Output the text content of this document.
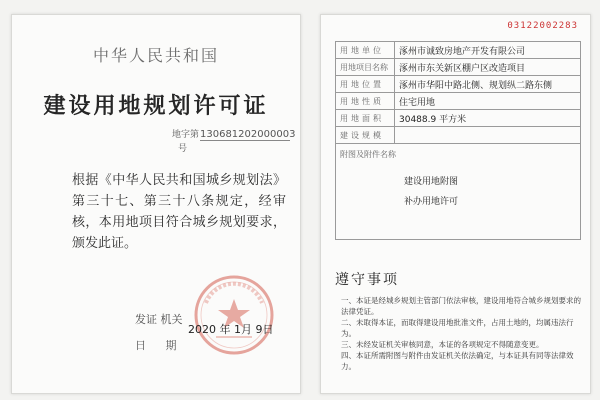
中华人民共和国
建设用地规划许可证
地字第130681202000003号
根据《中华人民共和国城乡规划法》第三十七、第三十八条规定，经审核，本用地项目符合城乡规划要求，颁发此证。
发证 机关
2020 年 1月 9日
日 期
03122002283
用地单位	涿州市诚致房地产开发有限公司
用地项目名称	涿州市东关新区棚户区改造项目
用地位置	涿州市华阳中路北侧、规划纵二路东侧
用地性质	住宅用地
用地面积	30488.9 平方米
建设规模	

附图及附件名称
建设用地附图
补办用地许可	
遵守事项
一、本证是经城乡规划主管部门依法审核，建设用地符合城乡规划要求的法律凭证。
二、未取得本证，而取得建设用地批准文件，占用土地的，均属违法行为。
三、未经发证机关审核同意，本证的各项规定不得随意变更。
四、本证所需附图与附件由发证机关依法确定，与本证具有同等法律效力。
